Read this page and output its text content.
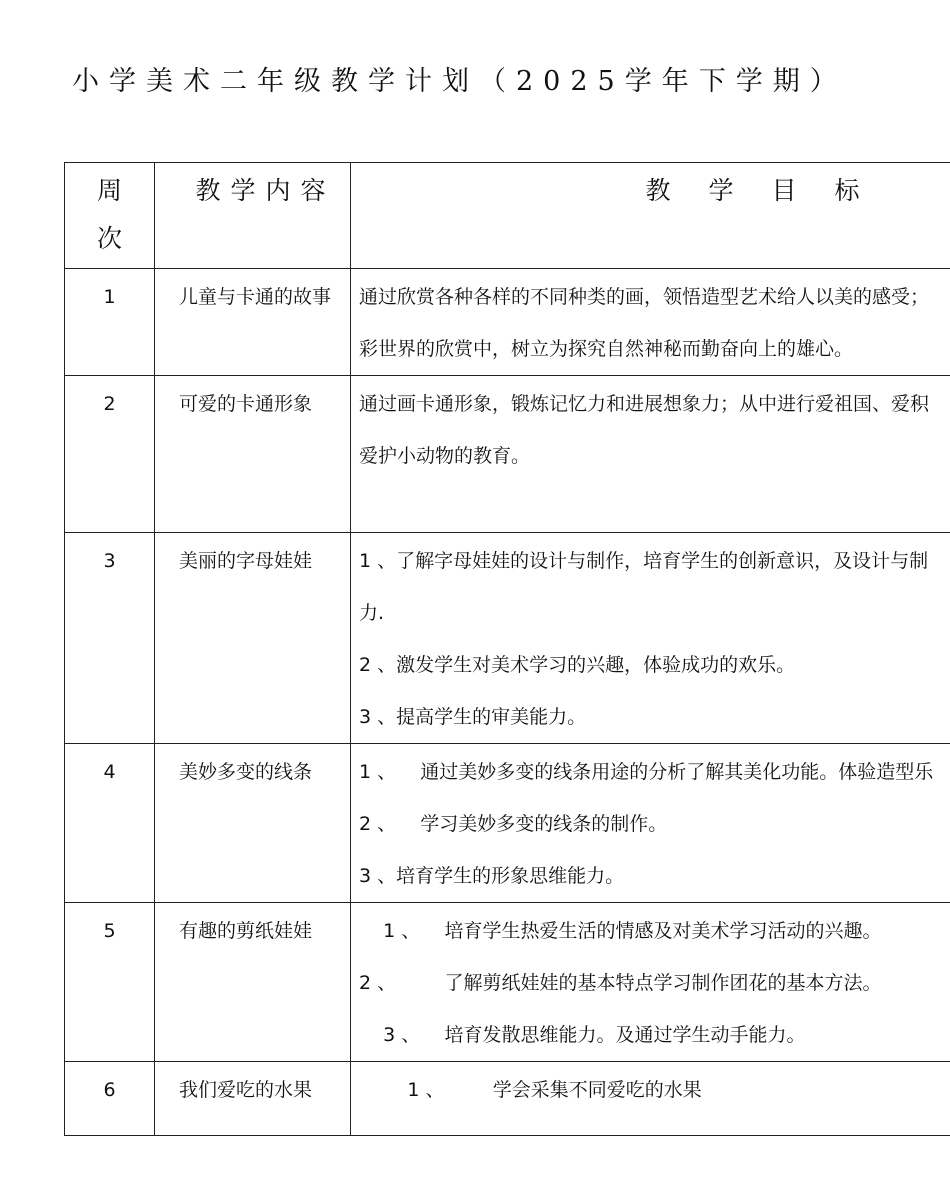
小学美术二年级教学计划（2025学年下学期）
周
次	教学内容	教学目标
1	儿童与卡通的故事	通过欣赏各种各样的不同种类的画，领悟造型艺术给人以美的感受；
彩世界的欣赏中，树立为探究自然神秘而勤奋向上的雄心。

2	可爱的卡通形象	通过画卡通形象，锻炼记忆力和进展想象力；从中进行爱祖国、爱积
爱护小动物的教育。

3	美丽的字母娃娃	1 、了解字母娃娃的设计与制作，培育学生的创新意识，及设计与制
力.
2 、激发学生对美术学习的兴趣，体验成功的欢乐。
3 、提高学生的审美能力。

4	美妙多变的线条	1 、    通过美妙多变的线条用途的分析了解其美化功能。体验造型乐
2 、    学习美妙多变的线条的制作。
3 、培育学生的形象思维能力。

5	有趣的剪纸娃娃	1 、    培育学生热爱生活的情感及对美术学习活动的兴趣。
2 、        了解剪纸娃娃的基本特点学习制作团花的基本方法。
3 、    培育发散思维能力。及通过学生动手能力。

6	我们爱吃的水果	1 、        学会采集不同爱吃的水果
